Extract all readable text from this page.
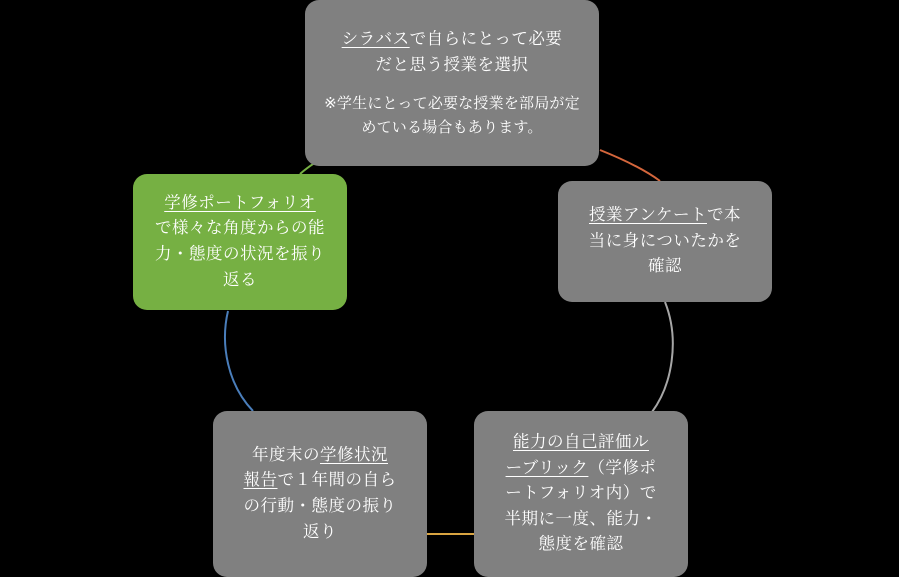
シラバスで自らにとって必要

だと思う授業を選択

※学生にとって必要な授業を部局が定めている場合もあります。

授業アンケートで本

当に身についたかを

確認

能力の自己評価ル

ーブリック（学修ポ

ートフォリオ内）で

半期に一度、能力・

態度を確認

年度末の学修状況

報告で１年間の自ら

の行動・態度の振り

返り

学修ポートフォリオ

で様々な角度からの能

力・態度の状況を振り

返る
